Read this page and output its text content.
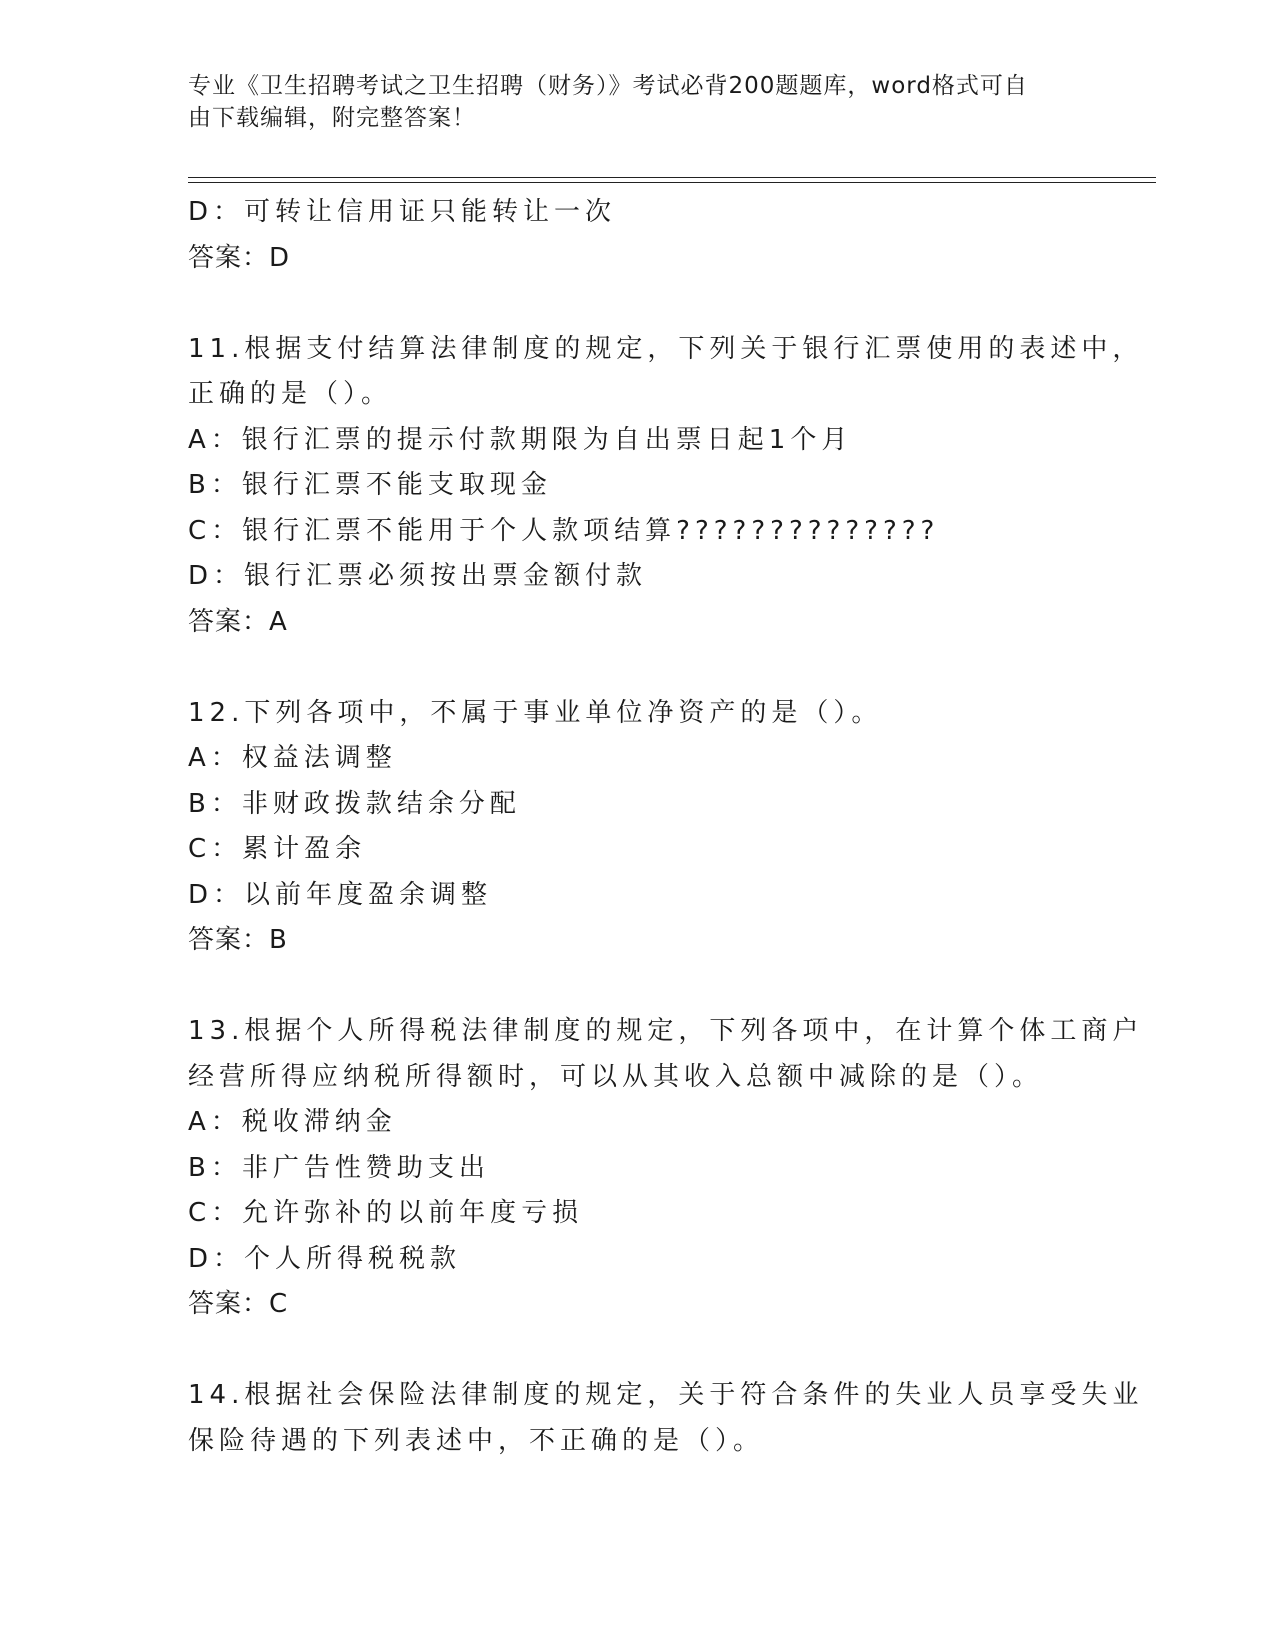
专业《卫生招聘考试之卫生招聘（财务）》考试必背200题题库，word格式可自
由下载编辑，附完整答案！
D：可转让信用证只能转让一次
答案：D
11.根据支付结算法律制度的规定，下列关于银行汇票使用的表述中，
正确的是（）。
A：银行汇票的提示付款期限为自出票日起1个月
B：银行汇票不能支取现金
C：银行汇票不能用于个人款项结算??????????????
D：银行汇票必须按出票金额付款
答案：A
12.下列各项中，不属于事业单位净资产的是（）。
A：权益法调整
B：非财政拨款结余分配
C：累计盈余
D：以前年度盈余调整
答案：B
13.根据个人所得税法律制度的规定，下列各项中，在计算个体工商户
经营所得应纳税所得额时，可以从其收入总额中减除的是（）。
A：税收滞纳金
B：非广告性赞助支出
C：允许弥补的以前年度亏损
D：个人所得税税款
答案：C
14.根据社会保险法律制度的规定，关于符合条件的失业人员享受失业
保险待遇的下列表述中，不正确的是（）。
